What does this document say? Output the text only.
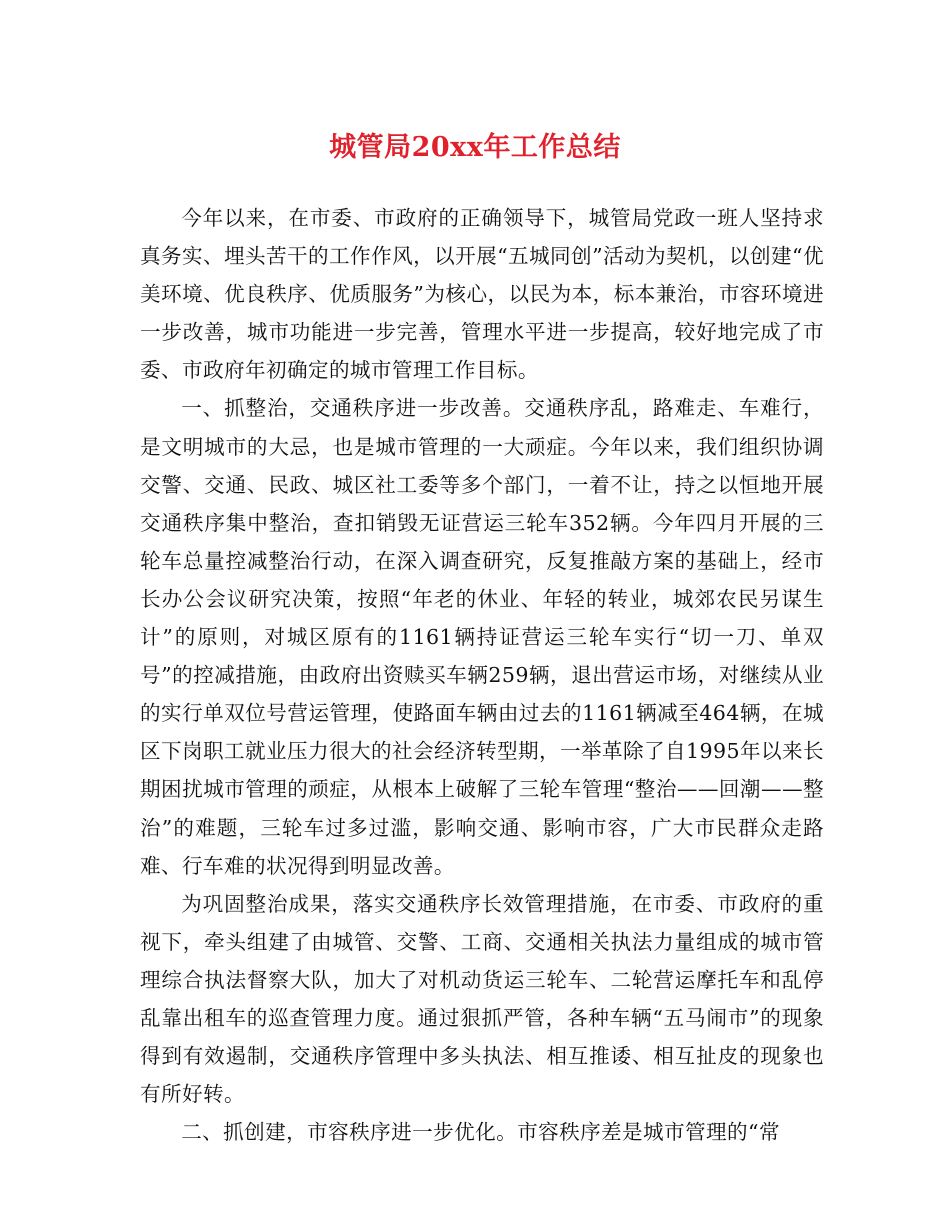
城管局20xx年工作总结

今年以来，在市委、市政府的正确领导下，城管局党政一班人坚持求真务实、埋头苦干的工作作风，以开展“五城同创”活动为契机，以创建“优美环境、优良秩序、优质服务”为核心，以民为本，标本兼治，市容环境进一步改善，城市功能进一步完善，管理水平进一步提高，较好地完成了市委、市政府年初确定的城市管理工作目标。

一、抓整治，交通秩序进一步改善。交通秩序乱，路难走、车难行，是文明城市的大忌，也是城市管理的一大顽症。今年以来，我们组织协调交警、交通、民政、城区社工委等多个部门，一着不让，持之以恒地开展交通秩序集中整治，查扣销毁无证营运三轮车352辆。今年四月开展的三轮车总量控减整治行动，在深入调查研究，反复推敲方案的基础上，经市长办公会议研究决策，按照“年老的休业、年轻的转业，城郊农民另谋生计”的原则，对城区原有的1161辆持证营运三轮车实行“切一刀、单双号”的控减措施，由政府出资赎买车辆259辆，退出营运市场，对继续从业的实行单双位号营运管理，使路面车辆由过去的1161辆减至464辆，在城区下岗职工就业压力很大的社会经济转型期，一举革除了自1995年以来长期困扰城市管理的顽症，从根本上破解了三轮车管理“整治——回潮——整治”的难题，三轮车过多过滥，影响交通、影响市容，广大市民群众走路难、行车难的状况得到明显改善。

为巩固整治成果，落实交通秩序长效管理措施，在市委、市政府的重视下，牵头组建了由城管、交警、工商、交通相关执法力量组成的城市管理综合执法督察大队，加大了对机动货运三轮车、二轮营运摩托车和乱停乱靠出租车的巡查管理力度。通过狠抓严管，各种车辆“五马闹市”的现象得到有效遏制，交通秩序管理中多头执法、相互推诿、相互扯皮的现象也有所好转。

二、抓创建，市容秩序进一步优化。市容秩序差是城市管理的“常
